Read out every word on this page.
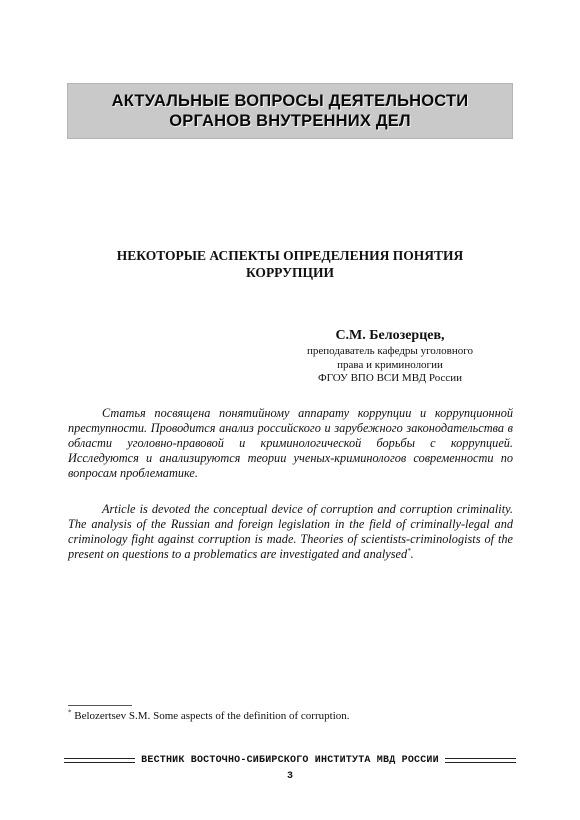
АКТУАЛЬНЫЕ ВОПРОСЫ ДЕЯТЕЛЬНОСТИ
ОРГАНОВ ВНУТРЕННИХ ДЕЛ
НЕКОТОРЫЕ АСПЕКТЫ ОПРЕДЕЛЕНИЯ ПОНЯТИЯ
КОРРУПЦИИ
С.М. Белозерцев,
преподаватель кафедры уголовного
права и криминологии
ФГОУ ВПО ВСИ МВД России

Статья посвящена понятийному аппарату коррупции и коррупционной преступности. Проводится анализ российского и зарубежного законодательства в области уголовно-правовой и криминологической борьбы с коррупцией. Исследуются и анализируются теории ученых-криминологов современности по вопросам проблематике.

Article is devoted the conceptual device of corruption and corruption criminality. The analysis of the Russian and foreign legislation in the field of criminally-legal and criminology fight against corruption is made. Theories of scientists-criminologists of the present on questions to a problematics are investigated and analysed*.

* Belozertsev S.M. Some aspects of the definition of corruption.
ВЕСТНИК ВОСТОЧНО-СИБИРСКОГО ИНСТИТУТА МВД РОССИИ
3
